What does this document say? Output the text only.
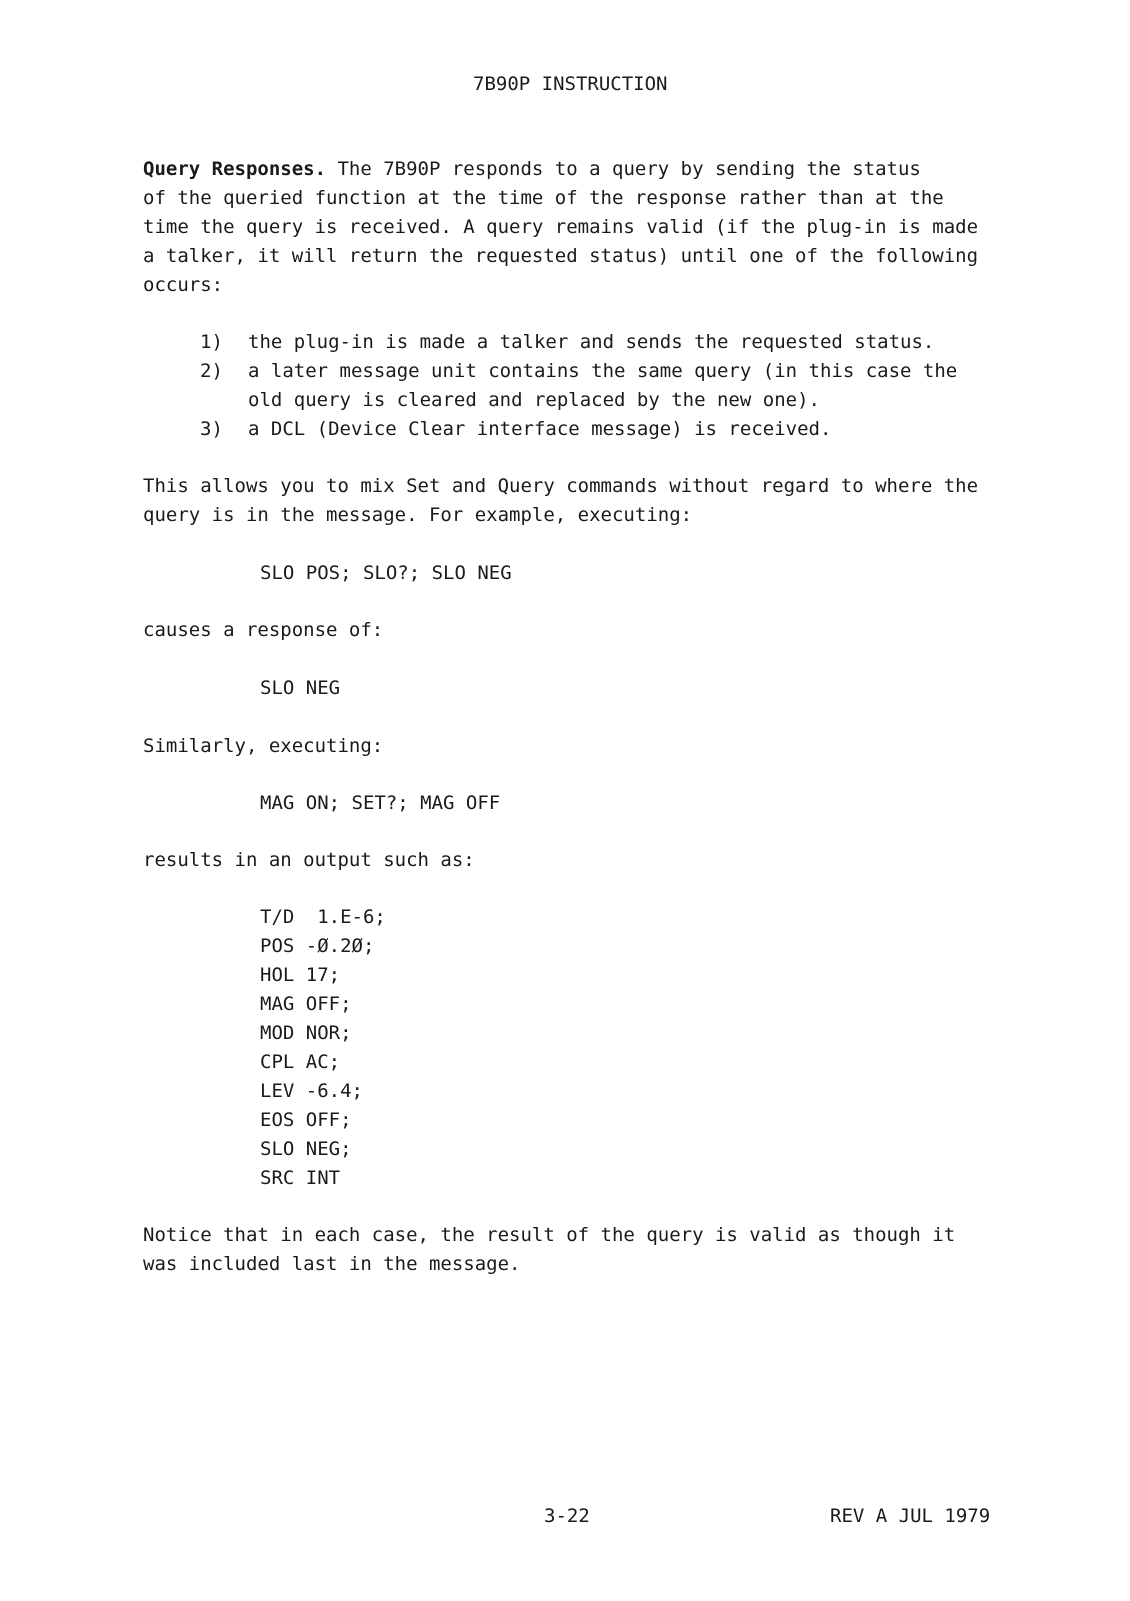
7B90P INSTRUCTION
Query Responses. The 7B90P responds to a query by sending the status
of the queried function at the time of the response rather than at the
time the query is received. A query remains valid (if the plug-in is made
a talker, it will return the requested status) until one of the following
occurs:
1) the plug-in is made a talker and sends the requested status.
2) a later message unit contains the same query (in this case the
old query is cleared and replaced by the new one).
3) a DCL (Device Clear interface message) is received.
This allows you to mix Set and Query commands without regard to where the
query is in the message. For example, executing:
SLO POS; SLO?; SLO NEG
causes a response of:
SLO NEG
Similarly, executing:
MAG ON; SET?; MAG OFF
results in an output such as:
T/D  1.E-6;
POS -Ø.2Ø;
HOL 17;
MAG OFF;
MOD NOR;
CPL AC;
LEV -6.4;
EOS OFF;
SLO NEG;
SRC INT
Notice that in each case, the result of the query is valid as though it
was included last in the message.
3-22	REV A JUL 1979
